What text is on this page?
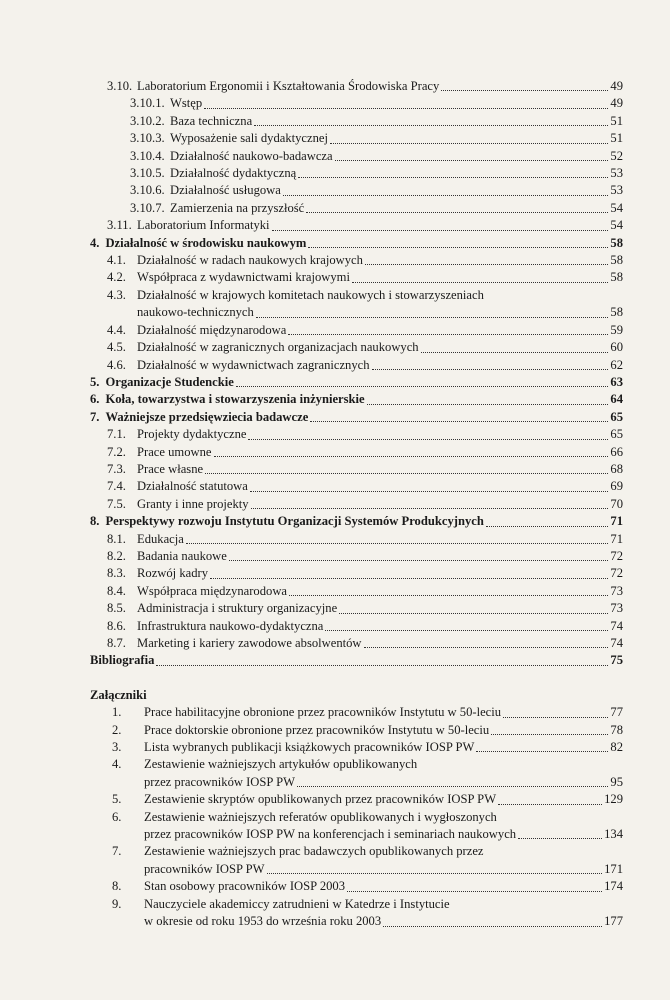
3.10. Laboratorium Ergonomii i Kształtowania Środowiska Pracy	49
3.10.1. Wstęp	49
3.10.2. Baza techniczna	51
3.10.3. Wyposażenie sali dydaktycznej	51
3.10.4. Działalność naukowo-badawcza	52
3.10.5. Działalność dydaktyczną	53
3.10.6. Działalność usługowa	53
3.10.7. Zamierzenia na przyszłość	54
3.11. Laboratorium Informatyki	54
4. Działalność w środowisku naukowym	58
4.1. Działalność w radach naukowych krajowych	58
4.2. Współpraca z wydawnictwami krajowymi	58
4.3. Działalność w krajowych komitetach naukowych i stowarzyszeniach
naukowo-technicznych	58
4.4. Działalność międzynarodowa	59
4.5. Działalność w zagranicznych organizacjach naukowych	60
4.6. Działalność w wydawnictwach zagranicznych	62
5. Organizacje Studenckie	63
6. Koła, towarzystwa i stowarzyszenia inżynierskie	64
7. Ważniejsze przedsięwziecia badawcze	65
7.1. Projekty dydaktyczne	65
7.2. Prace umowne	66
7.3. Prace własne	68
7.4. Działalność statutowa	69
7.5. Granty i inne projekty	70
8. Perspektywy rozwoju Instytutu Organizacji Systemów Produkcyjnych	71
8.1. Edukacja	71
8.2. Badania naukowe	72
8.3. Rozwój kadry	72
8.4. Współpraca międzynarodowa	73
8.5. Administracja i struktury organizacyjne	73
8.6. Infrastruktura naukowo-dydaktyczna	74
8.7. Marketing i kariery zawodowe absolwentów	74
Bibliografia	75
Załączniki
1.	Prace habilitacyjne obronione przez pracowników Instytutu w 50-leciu	77
2.	Prace doktorskie obronione przez pracowników Instytutu w 50-leciu	78
3.	Lista wybranych publikacji książkowych pracowników IOSP PW	82
4.	Zestawienie ważniejszych artykułów opublikowanych
przez pracowników IOSP PW	95
5.	Zestawienie skryptów opublikowanych przez pracowników IOSP PW	129
6.	Zestawienie ważniejszych referatów opublikowanych i wygłoszonych
przez pracowników IOSP PW na konferencjach i seminariach naukowych	134
7.	Zestawienie ważniejszych prac badawczych opublikowanych przez
pracowników IOSP PW	171
8.	Stan osobowy pracowników IOSP 2003	174
9.	Nauczyciele akademiccy zatrudnieni w Katedrze i Instytucie
w okresie od roku 1953 do września roku 2003	177
